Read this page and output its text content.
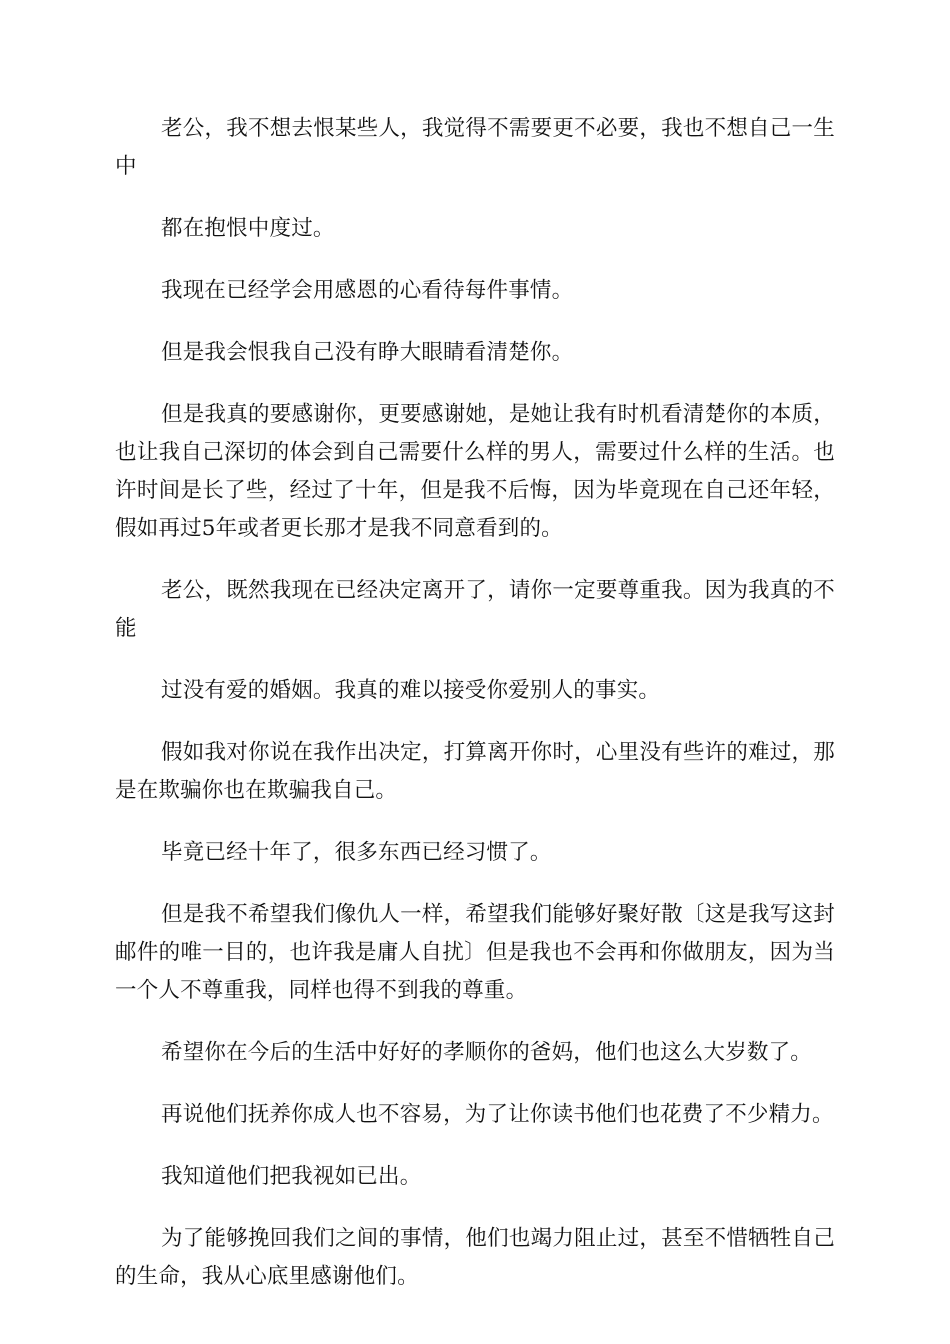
老公，我不想去恨某些人，我觉得不需要更不必要，我也不想自己一生中

都在抱恨中度过。

我现在已经学会用感恩的心看待每件事情。

但是我会恨我自己没有睁大眼睛看清楚你。

但是我真的要感谢你，更要感谢她，是她让我有时机看清楚你的本质，也让我自己深切的体会到自己需要什么样的男人，需要过什么样的生活。也许时间是长了些，经过了十年，但是我不后悔，因为毕竟现在自己还年轻，假如再过5年或者更长那才是我不同意看到的。

老公，既然我现在已经决定离开了，请你一定要尊重我。因为我真的不能

过没有爱的婚姻。我真的难以接受你爱别人的事实。

假如我对你说在我作出决定，打算离开你时，心里没有些许的难过，那是在欺骗你也在欺骗我自己。

毕竟已经十年了，很多东西已经习惯了。

但是我不希望我们像仇人一样，希望我们能够好聚好散〔这是我写这封邮件的唯一目的，也许我是庸人自扰〕但是我也不会再和你做朋友，因为当一个人不尊重我，同样也得不到我的尊重。

希望你在今后的生活中好好的孝顺你的爸妈，他们也这么大岁数了。

再说他们抚养你成人也不容易，为了让你读书他们也花费了不少精力。

我知道他们把我视如已出。

为了能够挽回我们之间的事情，他们也竭力阻止过，甚至不惜牺牲自己的生命，我从心底里感谢他们。
